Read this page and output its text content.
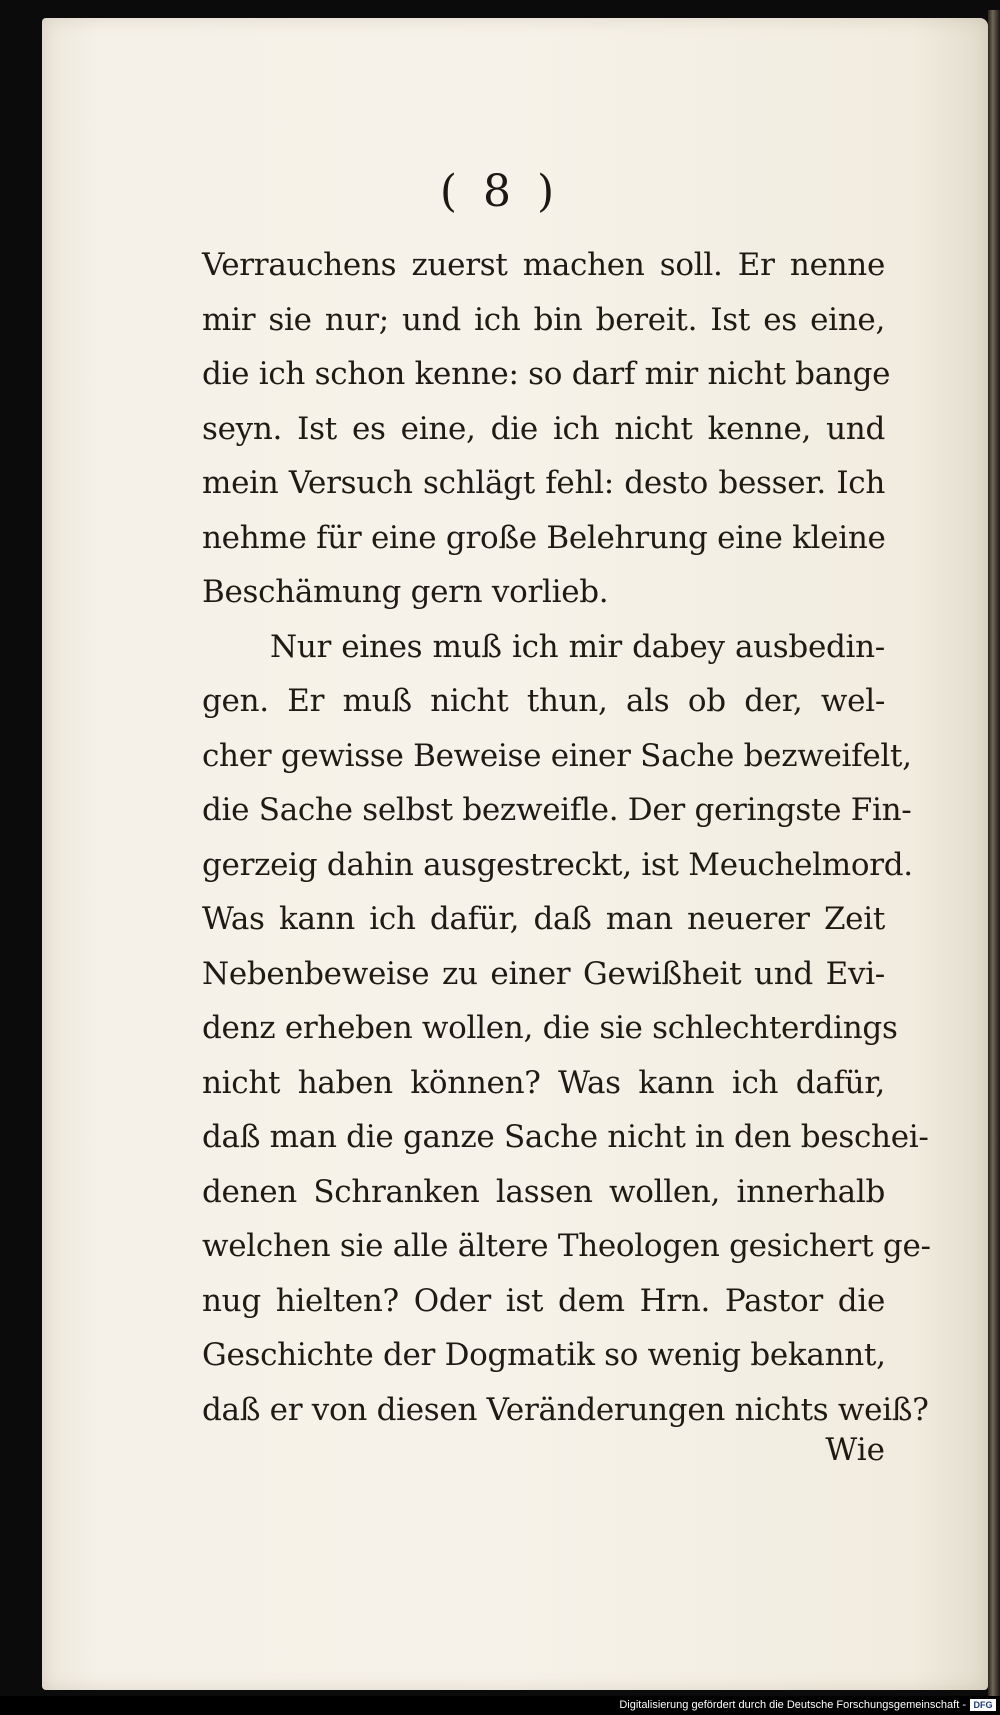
( 8 )
Verrauchens zuerst machen soll. Er nenne
mir sie nur; und ich bin bereit. Ist es eine,
die ich schon kenne: so darf mir nicht bange
seyn. Ist es eine, die ich nicht kenne, und
mein Versuch schlägt fehl: desto besser. Ich
nehme für eine große Belehrung eine kleine
Beschämung gern vorlieb.
Nur eines muß ich mir dabey ausbedin-
gen. Er muß nicht thun, als ob der, wel-
cher gewisse Beweise einer Sache bezweifelt,
die Sache selbst bezweifle. Der geringste Fin-
gerzeig dahin ausgestreckt, ist Meuchelmord.
Was kann ich dafür, daß man neuerer Zeit
Nebenbeweise zu einer Gewißheit und Evi-
denz erheben wollen, die sie schlechterdings
nicht haben können? Was kann ich dafür,
daß man die ganze Sache nicht in den beschei-
denen Schranken lassen wollen, innerhalb
welchen sie alle ältere Theologen gesichert ge-
nug hielten? Oder ist dem Hrn. Pastor die
Geschichte der Dogmatik so wenig bekannt,
daß er von diesen Veränderungen nichts weiß?
Wie
Digitalisierung gefördert durch die Deutsche Forschungsgemeinschaft - DFG
